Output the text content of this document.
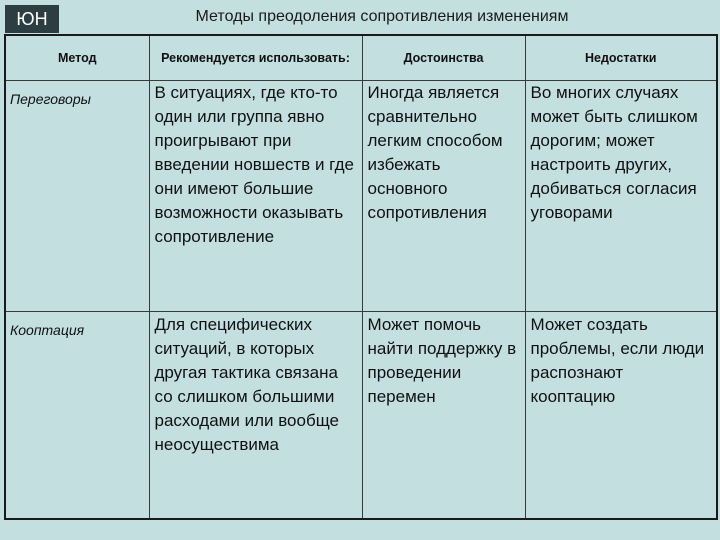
ЮН	Методы преодоления сопротивления изменениям
Метод	Рекомендуется использовать:	Достоинства	Недостатки
Переговоры	В ситуациях, где кто-то один или группа явно проигрывают при введении новшеств и где они имеют большие возможности оказывать сопротивление	Иногда является сравнительно легким способом избежать основного сопротивления	Во многих случаях может быть слишком дорогим; может настроить других, добиваться согласия уговорами
Кооптация	Для специфических ситуаций, в которых другая тактика связана со слишком большими расходами или вообще неосуществима	Может помочь найти поддержку в проведении перемен	Может создать проблемы, если люди распознают кооптацию
